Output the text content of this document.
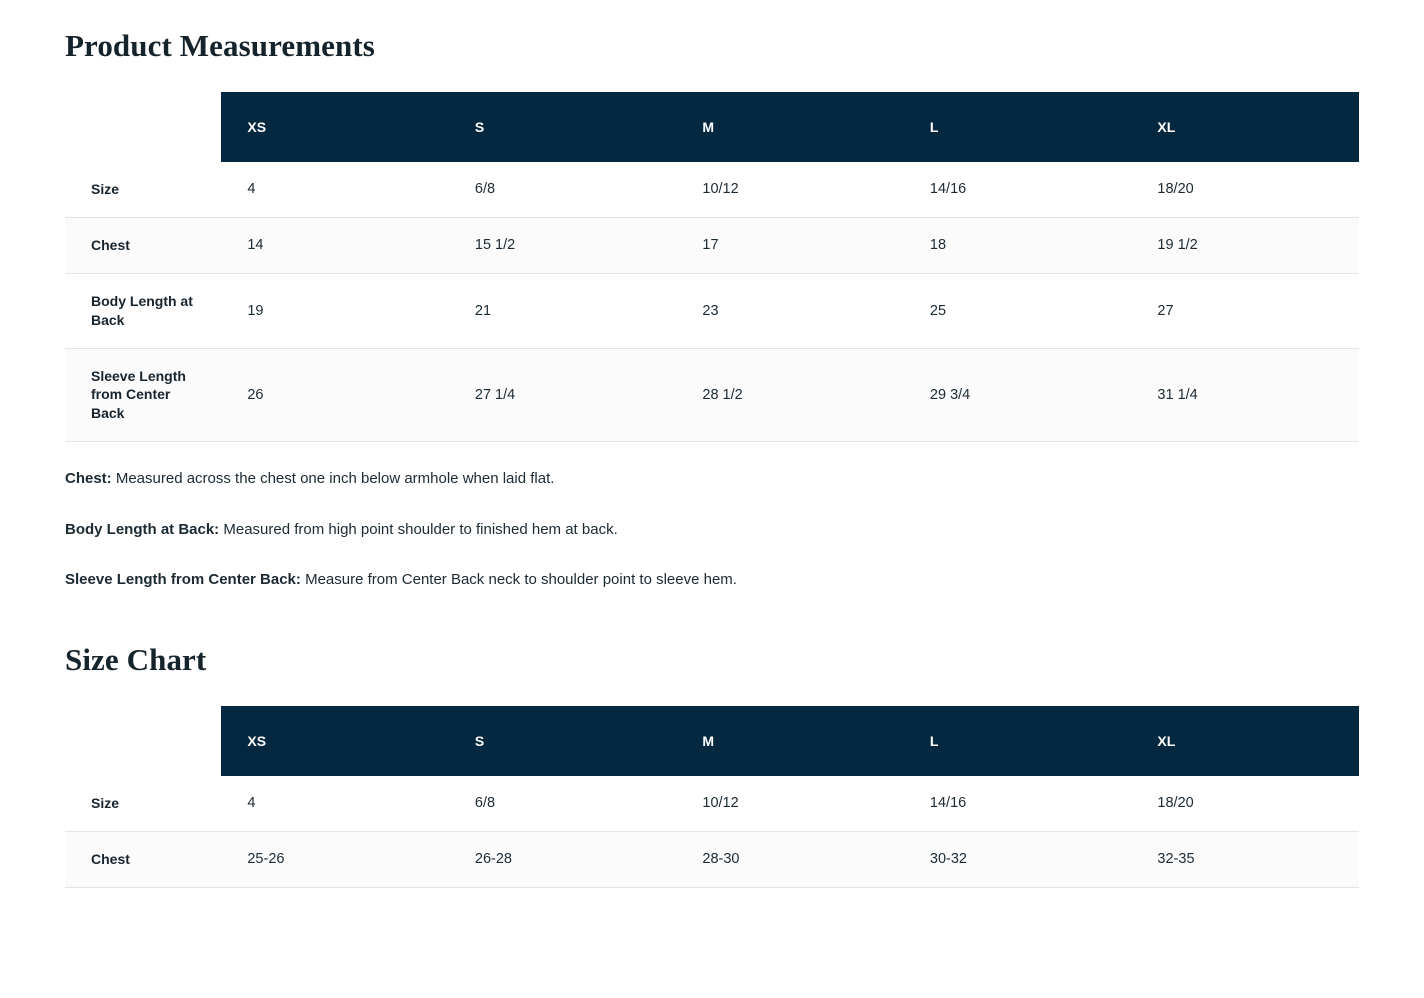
Product Measurements
	XS	S	M	L	XL
Size	4	6/8	10/12	14/16	18/20
Chest	14	15 1/2	17	18	19 1/2
Body Length at Back	19	21	23	25	27
Sleeve Length from Center Back	26	27 1/4	28 1/2	29 3/4	31 1/4

Chest: Measured across the chest one inch below armhole when laid flat.

Body Length at Back: Measured from high point shoulder to finished hem at back.

Sleeve Length from Center Back: Measure from Center Back neck to shoulder point to sleeve hem.

Size Chart
	XS	S	M	L	XL
Size	4	6/8	10/12	14/16	18/20
Chest	25-26	26-28	28-30	30-32	32-35
